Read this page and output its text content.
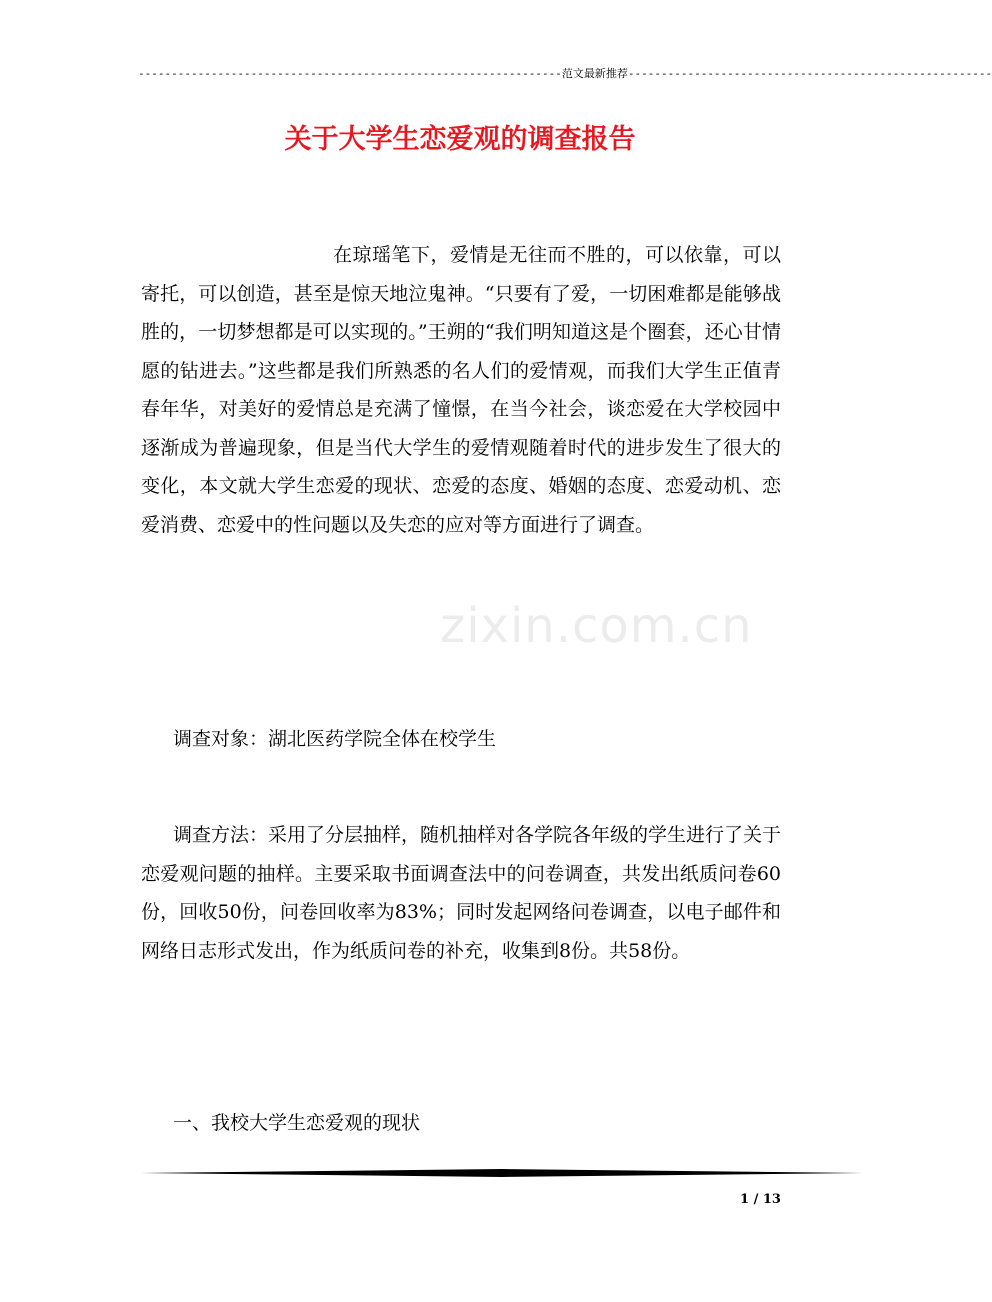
----------------------------------------------------------------范文最新推荐-------------------------------------------------------
关于大学生恋爱观的调查报告

在琼瑶笔下，爱情是无往而不胜的，可以依靠，可以寄托，可以创造，甚至是惊天地泣鬼神。“只要有了爱，一切困难都是能够战胜的，一切梦想都是可以实现的。”王朔的“我们明知道这是个圈套，还心甘情愿的钻进去。”这些都是我们所熟悉的名人们的爱情观，而我们大学生正值青春年华，对美好的爱情总是充满了憧憬，在当今社会，谈恋爱在大学校园中逐渐成为普遍现象，但是当代大学生的爱情观随着时代的进步发生了很大的变化，本文就大学生恋爱的现状、恋爱的态度、婚姻的态度、恋爱动机、恋爱消费、恋爱中的性问题以及失恋的应对等方面进行了调查。

调查对象：湖北医药学院全体在校学生

调查方法：采用了分层抽样，随机抽样对各学院各年级的学生进行了关于恋爱观问题的抽样。主要采取书面调查法中的问卷调查，共发出纸质问卷60份，回收50份，问卷回收率为83%；同时发起网络问卷调查，以电子邮件和网络日志形式发出，作为纸质问卷的补充，收集到8份。共58份。

一、我校大学生恋爱观的现状

zixin.com.cn
1 / 13
